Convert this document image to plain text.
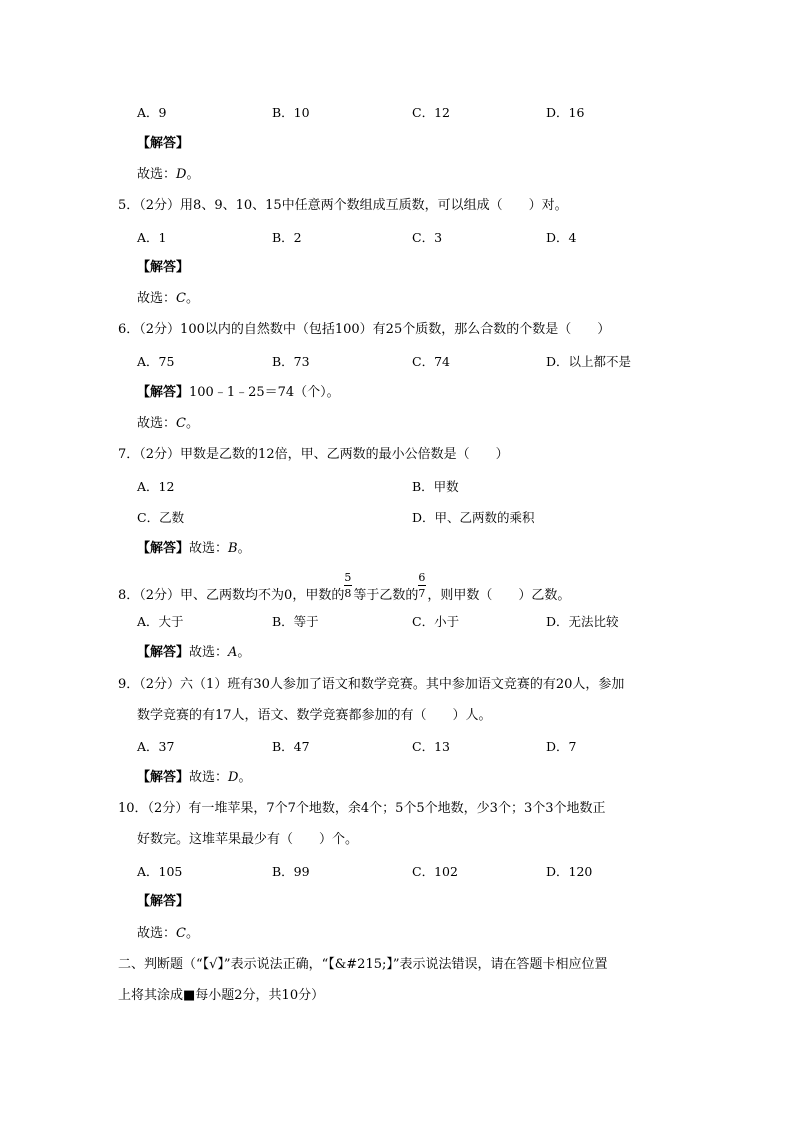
A．9	B．10	C．12	D．16
【解答】
故选：D。
5．（2分）用8、9、10、15中任意两个数组成互质数，可以组成（　　）对。
A．1	B．2	C．3	D．4
【解答】
故选：C。
6．（2分）100以内的自然数中（包括100）有25个质数，那么合数的个数是（　　）
A．75	B．73	C．74	D．以上都不是
【解答】100﹣1﹣25＝74（个）。
故选：C。
7．（2分）甲数是乙数的12倍，甲、乙两数的最小公倍数是（　　）
A．12	B．甲数
C．乙数	D．甲、乙两数的乘积
【解答】故选：B。
8．（2分）甲、乙两数均不为0，甲数的 $\frac{5}{8}$ 等于乙数的 $\frac{6}{7}$ ，则甲数（　　）乙数。
A．大于	B．等于	C．小于	D．无法比较
【解答】故选：A。
9．（2分）六（1）班有30人参加了语文和数学竞赛。其中参加语文竞赛的有20人，参加
数学竞赛的有17人，语文、数学竞赛都参加的有（　　）人。
A．37	B．47	C．13	D．7
【解答】故选：D。
10．（2分）有一堆苹果，7个7个地数，余4个；5个5个地数，少3个；3个3个地数正
好数完。这堆苹果最少有（　　）个。
A．105	B．99	C．102	D．120
【解答】
故选：C。
二、判断题（“【√】”表示说法正确，“【&#215;】”表示说法错误，请在答题卡相应位置
上将其涂成■每小题2分，共10分）
